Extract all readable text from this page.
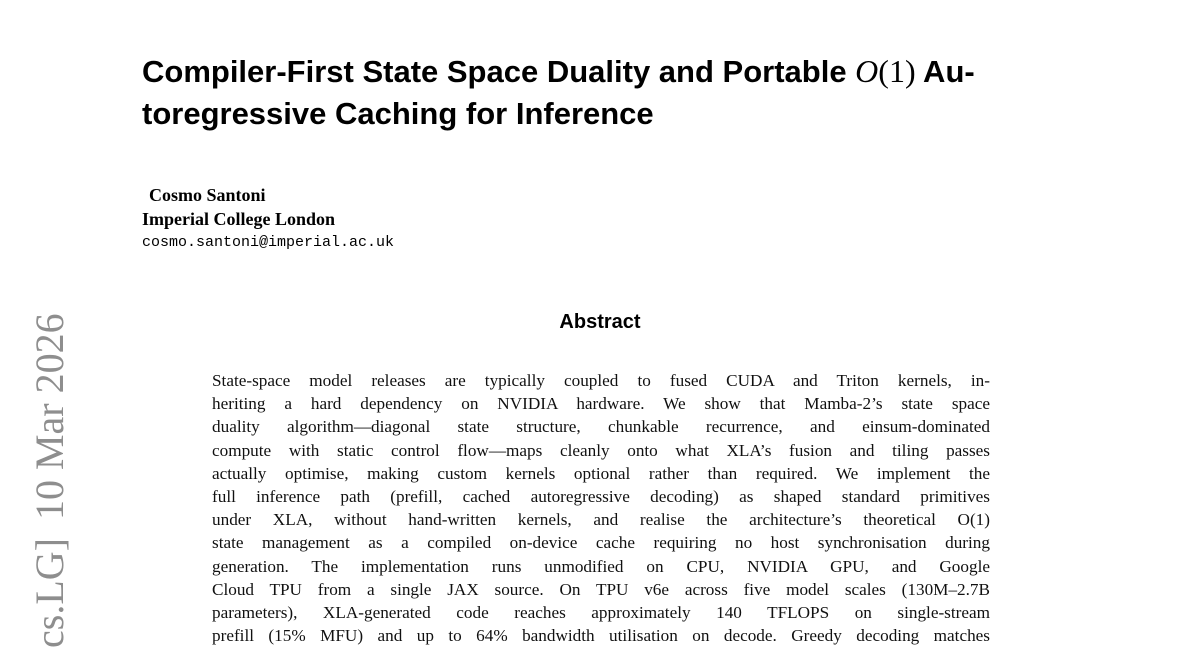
cs.LG]10 Mar 2026
Compiler-First State Space Duality and Portable O(1) Au-
toregressive Caching for Inference
Cosmo Santoni
Imperial College London
cosmo.santoni@imperial.ac.uk
Abstract
State-space model releases are typically coupled to fused CUDA and Triton kernels, in-
heriting a hard dependency on NVIDIA hardware. We show that Mamba-2’s state space
duality algorithm—diagonal state structure, chunkable recurrence, and einsum-dominated
compute with static control flow—maps cleanly onto what XLA’s fusion and tiling passes
actually optimise, making custom kernels optional rather than required. We implement the
full inference path (prefill, cached autoregressive decoding) as shaped standard primitives
under XLA, without hand-written kernels, and realise the architecture’s theoretical O(1)
state management as a compiled on-device cache requiring no host synchronisation during
generation. The implementation runs unmodified on CPU, NVIDIA GPU, and Google
Cloud TPU from a single JAX source. On TPU v6e across five model scales (130M–2.7B
parameters), XLA-generated code reaches approximately 140 TFLOPS on single-stream
prefill (15% MFU) and up to 64% bandwidth utilisation on decode. Greedy decoding matches
